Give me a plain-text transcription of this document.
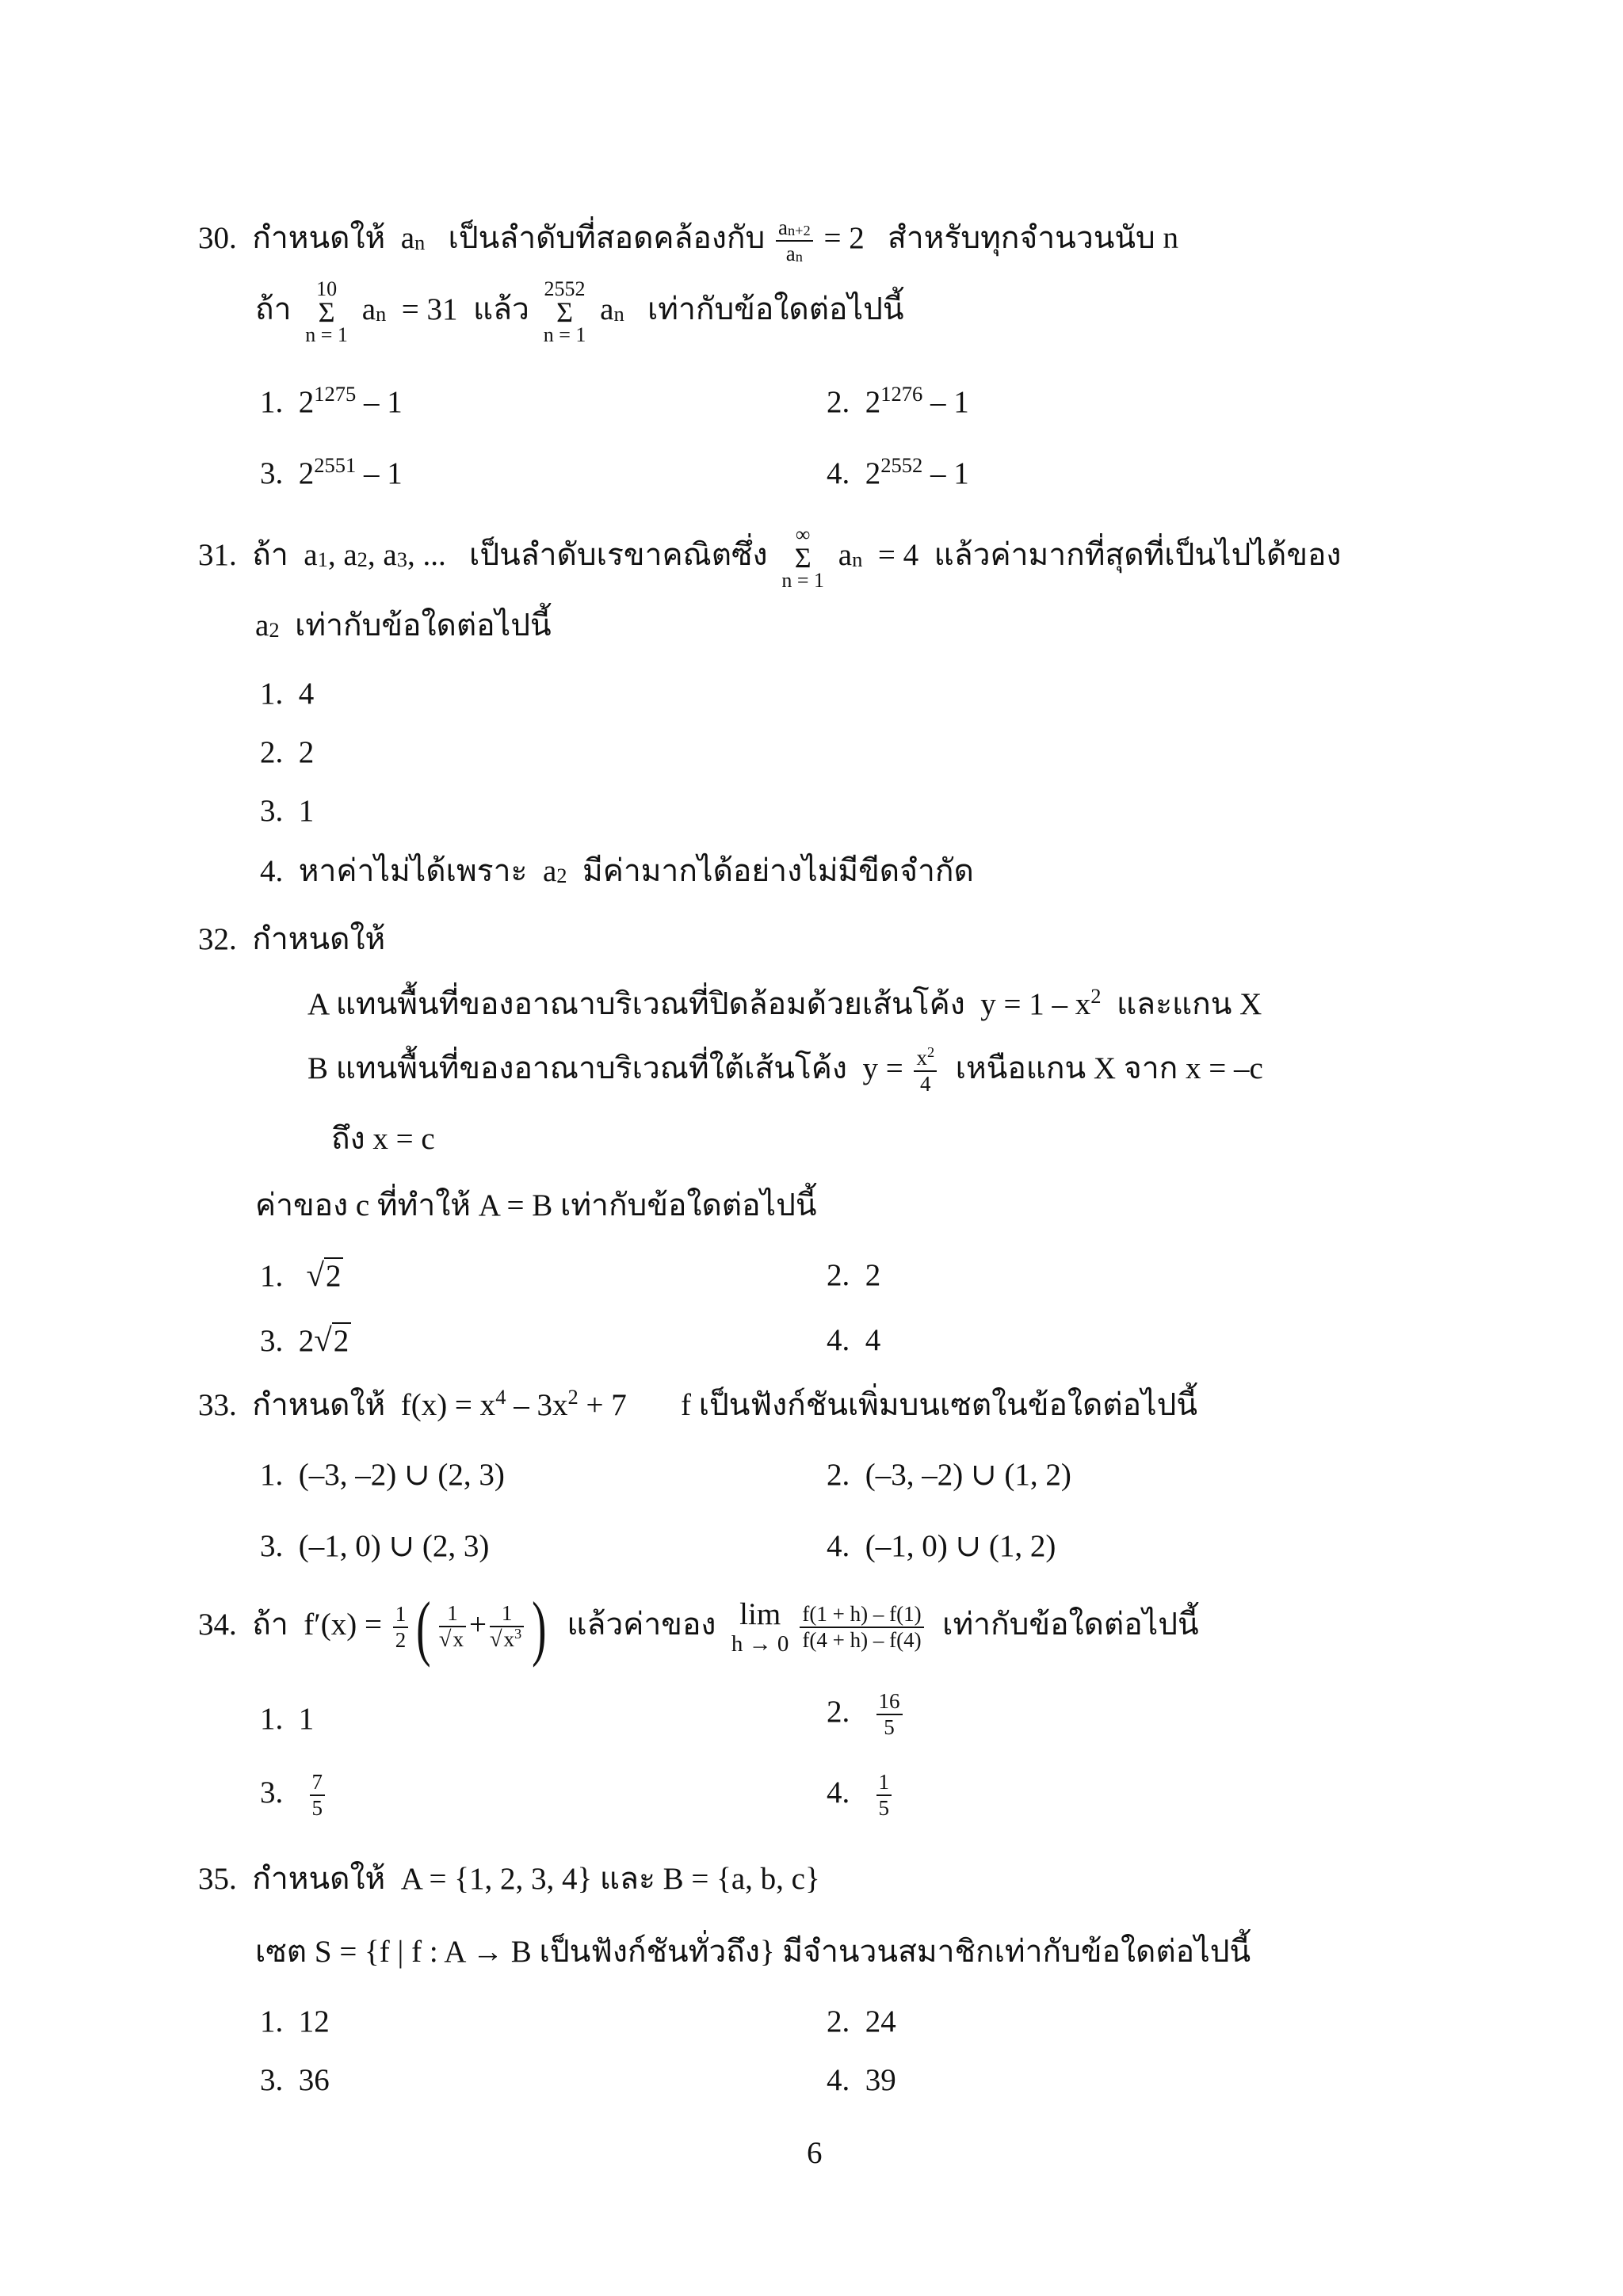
30. กำหนดให้ $a_n$ เป็นลำดับที่สอดคล้องกับ $\frac{a_{n+2}}{a_n} = 2$ สำหรับทุกจำนวนนับ n
ถ้า
10
Σ
n = 1
$a_n = 31$ แล้ว
2552
Σ
n = 1
$a_n$ เท่ากับข้อใดต่อไปนี้
1. $2^{1275} - 1$	2. $2^{1276} - 1$
3. $2^{2551} - 1$	4. $2^{2552} - 1$
31. ถ้า $a_1$, $a_2$, $a_3$, ... เป็นลำดับเรขาคณิตซึ่ง
∞
Σ
n = 1
$a_n = 4$ แล้วค่ามากที่สุดที่เป็นไปได้ของ
$a_2$ เท่ากับข้อใดต่อไปนี้
1. 4
2. 2
3. 1
4. หาค่าไม่ได้เพราะ $a_2$ มีค่ามากได้อย่างไม่มีขีดจำกัด
32. กำหนดให้
A แทนพื้นที่ของอาณาบริเวณที่ปิดล้อมด้วยเส้นโค้ง $y = 1 - x^2$ และแกน X
B แทนพื้นที่ของอาณาบริเวณที่ใต้เส้นโค้ง $y = \frac{x^2}{4}$ เหนือแกน X จาก x = –c
ถึง x = c
ค่าของ c ที่ทำให้ A = B เท่ากับข้อใดต่อไปนี้
1. √2	2. 2
3. 2√2	4. 4
33. กำหนดให้ $f(x) = x^4 - 3x^2 + 7$ f เป็นฟังก์ชันเพิ่มบนเซตในข้อใดต่อไปนี้
1. (–3, –2) ∪ (2, 3)	2. (–3, –2) ∪ (1, 2)
3. (–1, 0) ∪ (2, 3)	4. (–1, 0) ∪ (1, 2)
34. ถ้า $f'(x) = \frac{1}{2}$ ( $\frac{1}{√x} + \frac{1}{√x^3}$ ) แล้วค่าของ lim
$h \to 0 \frac{f(1 + h) - f(1)}{f(4 + h) - f(4)}$ เท่ากับข้อใดต่อไปนี้
1. 1	2. $\frac{16}{5}$
3. $\frac{7}{5}$	4. $\frac{1}{5}$
35. กำหนดให้ A = {1, 2, 3, 4} และ B = {a, b, c}
เซต S = {f | f : A → B เป็นฟังก์ชันทั่วถึง} มีจำนวนสมาชิกเท่ากับข้อใดต่อไปนี้
1. 12	2. 24
3. 36	4. 39
6
